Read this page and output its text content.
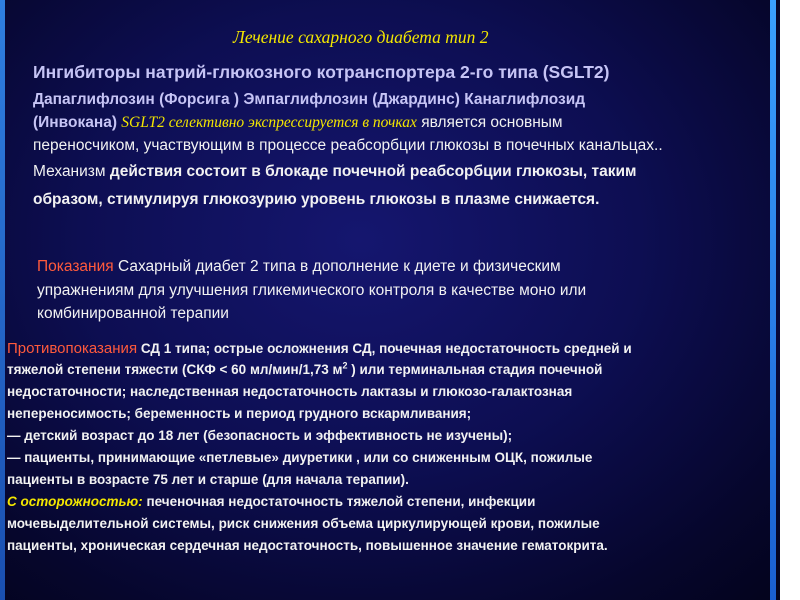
Лечение сахарного диабета тип 2

Ингибиторы натрий-глюкозного котранспортера 2-го типа (SGLT2)

Дапаглифлозин (Форсига ) Эмпаглифлозин (Джардинс) Канаглифлозид

(Инвокана) SGLT2 селективно экспрессируется в почках является основным

переносчиком, участвующим в процессе реабсорбции глюкозы в почечных канальцах..

Механизм действия состоит в блокаде почечной реабсорбции глюкозы, таким

образом, стимулируя глюкозурию уровень глюкозы в плазме снижается.

Показания Сахарный диабет 2 типа в дополнение к диете и физическим

упражнениям для улучшения гликемического контроля в качестве моно или

комбинированной терапии

Противопоказания СД 1 типа; острые осложнения СД, почечная недостаточность средней и

тяжелой степени тяжести (СКФ < 60 мл/мин/1,73 $м^2$ ) или терминальная стадия почечной

недостаточности; наследственная недостаточность лактазы и глюкозо-галактозная

непереносимость; беременность и период грудного вскармливания;

— детский возраст до 18 лет (безопасность и эффективность не изучены);

— пациенты, принимающие «петлевые» диуретики , или со сниженным ОЦК, пожилые

пациенты в возрасте 75 лет и старше (для начала терапии).

С осторожностью: печеночная недостаточность тяжелой степени, инфекции

мочевыделительной системы, риск снижения объема циркулирующей крови, пожилые

пациенты, хроническая сердечная недостаточность, повышенное значение гематокрита.
